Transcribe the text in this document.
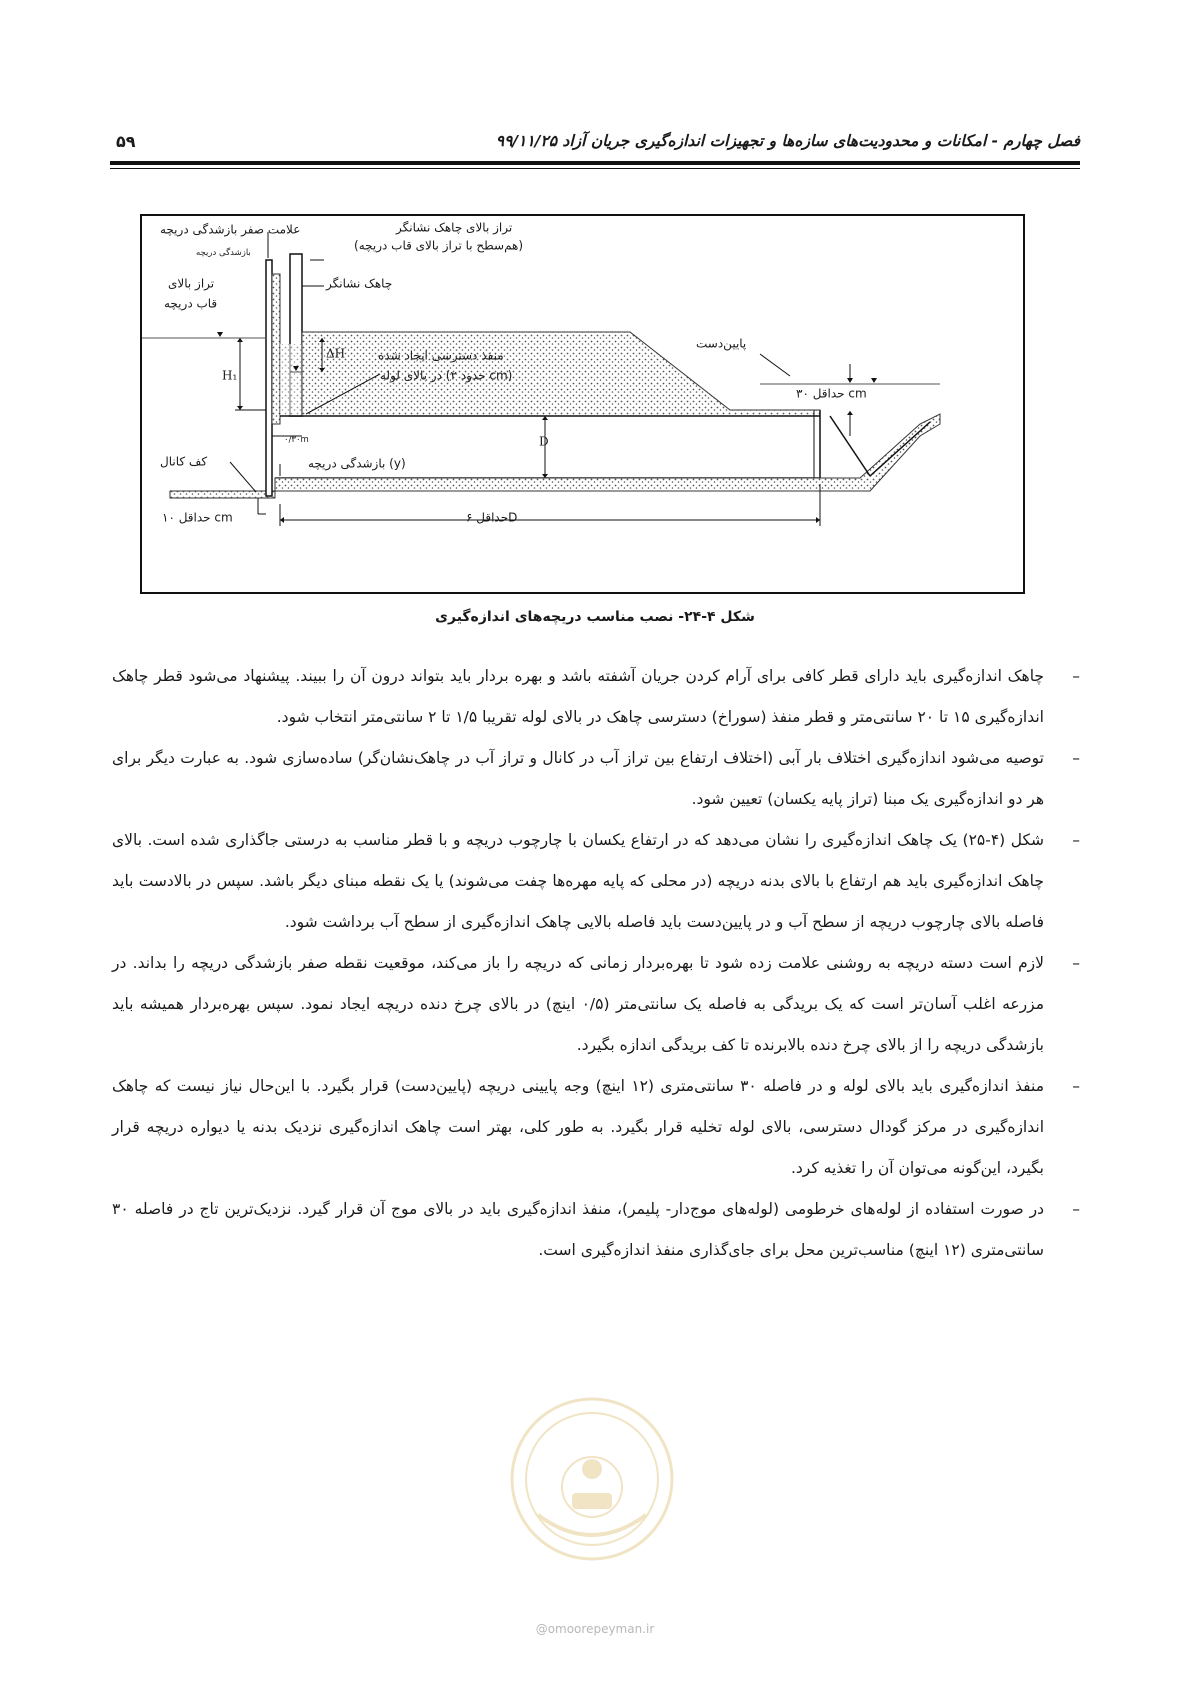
فصل چهارم - امکانات و محدودیت‌های سازه‌ها و تجهیزات اندازه‌گیری جریان آزاد ۹۹/۱۱/۲۵
۵۹
علامت صفر بازشدگی دریچه
بازشدگی دریچه
تراز بالای
قاب دریچه
تراز بالای چاهک نشانگر
(هم‌سطح با تراز بالای قاب دریچه)
چاهک نشانگر
پایین‌دست
منفذ دسترسی ایجاد شده
در بالای لوله (حدود ۲ cm)
ΔH
H₁
حداقل ۳۰ cm
D
۰/۳۰m
کف کانال	بازشدگی دریچه (y)
حداقل ۱۰ cm	حداقل ۶D
شکل ۴-۲۴- نصب مناسب دریچه‌های اندازه‌گیری

–
چاهک اندازه‌گیری باید دارای قطر کافی برای آرام کردن جریان آشفته باشد و بهره بردار باید بتواند درون آن را ببیند. پیشنهاد می‌شود قطر چاهک اندازه‌گیری ۱۵ تا ۲۰ سانتی‌متر و قطر منفذ (سوراخ) دسترسی چاهک در بالای لوله تقریبا ۱/۵ تا ۲ سانتی‌متر انتخاب شود.

–
توصیه می‌شود اندازه‌گیری اختلاف بار آبی (اختلاف ارتفاع بین تراز آب در کانال و تراز آب در چاهک‌نشان‌گر) ساده‌سازی شود. به عبارت دیگر برای هر دو اندازه‌گیری یک مبنا (تراز پایه یکسان) تعیین شود.

–
شکل (۴-۲۵) یک چاهک اندازه‌گیری را نشان می‌دهد که در ارتفاع یکسان با چارچوب دریچه و با قطر مناسب به درستی جاگذاری شده است. بالای چاهک اندازه‌گیری باید هم ارتفاع با بالای بدنه دریچه (در محلی که پایه مهره‌ها چفت می‌شوند) یا یک نقطه مبنای دیگر باشد. سپس در بالادست باید فاصله بالای چارچوب دریچه از سطح آب و در پایین‌دست باید فاصله بالایی چاهک اندازه‌گیری از سطح آب برداشت شود.

–
لازم است دسته دریچه به روشنی علامت زده شود تا بهره‌بردار زمانی که دریچه را باز می‌کند، موقعیت نقطه صفر بازشدگی دریچه را بداند. در مزرعه اغلب آسان‌تر است که یک بریدگی به فاصله یک سانتی‌متر (۰/۵ اینچ) در بالای چرخ دنده دریچه ایجاد نمود. سپس بهره‌بردار همیشه باید بازشدگی دریچه را از بالای چرخ دنده بالابرنده تا کف بریدگی اندازه بگیرد.

–
منفذ اندازه‌گیری باید بالای لوله و در فاصله ۳۰ سانتی‌متری (۱۲ اینچ) وجه پایینی دریچه (پایین‌دست) قرار بگیرد. با این‌حال نیاز نیست که چاهک اندازه‌گیری در مرکز گودال دسترسی، بالای لوله تخلیه قرار بگیرد. به طور کلی، بهتر است چاهک اندازه‌گیری نزدیک بدنه یا دیواره دریچه قرار بگیرد، این‌گونه می‌توان آن را تغذیه کرد.

–
در صورت استفاده از لوله‌های خرطومی (لوله‌های موج‌دار- پلیمر)، منفذ اندازه‌گیری باید در بالای موج آن قرار گیرد. نزدیک‌ترین تاج در فاصله ۳۰ سانتی‌متری (۱۲ اینچ) مناسب‌ترین محل برای جای‌گذاری منفذ اندازه‌گیری است.

@omoorepeyman.ir
